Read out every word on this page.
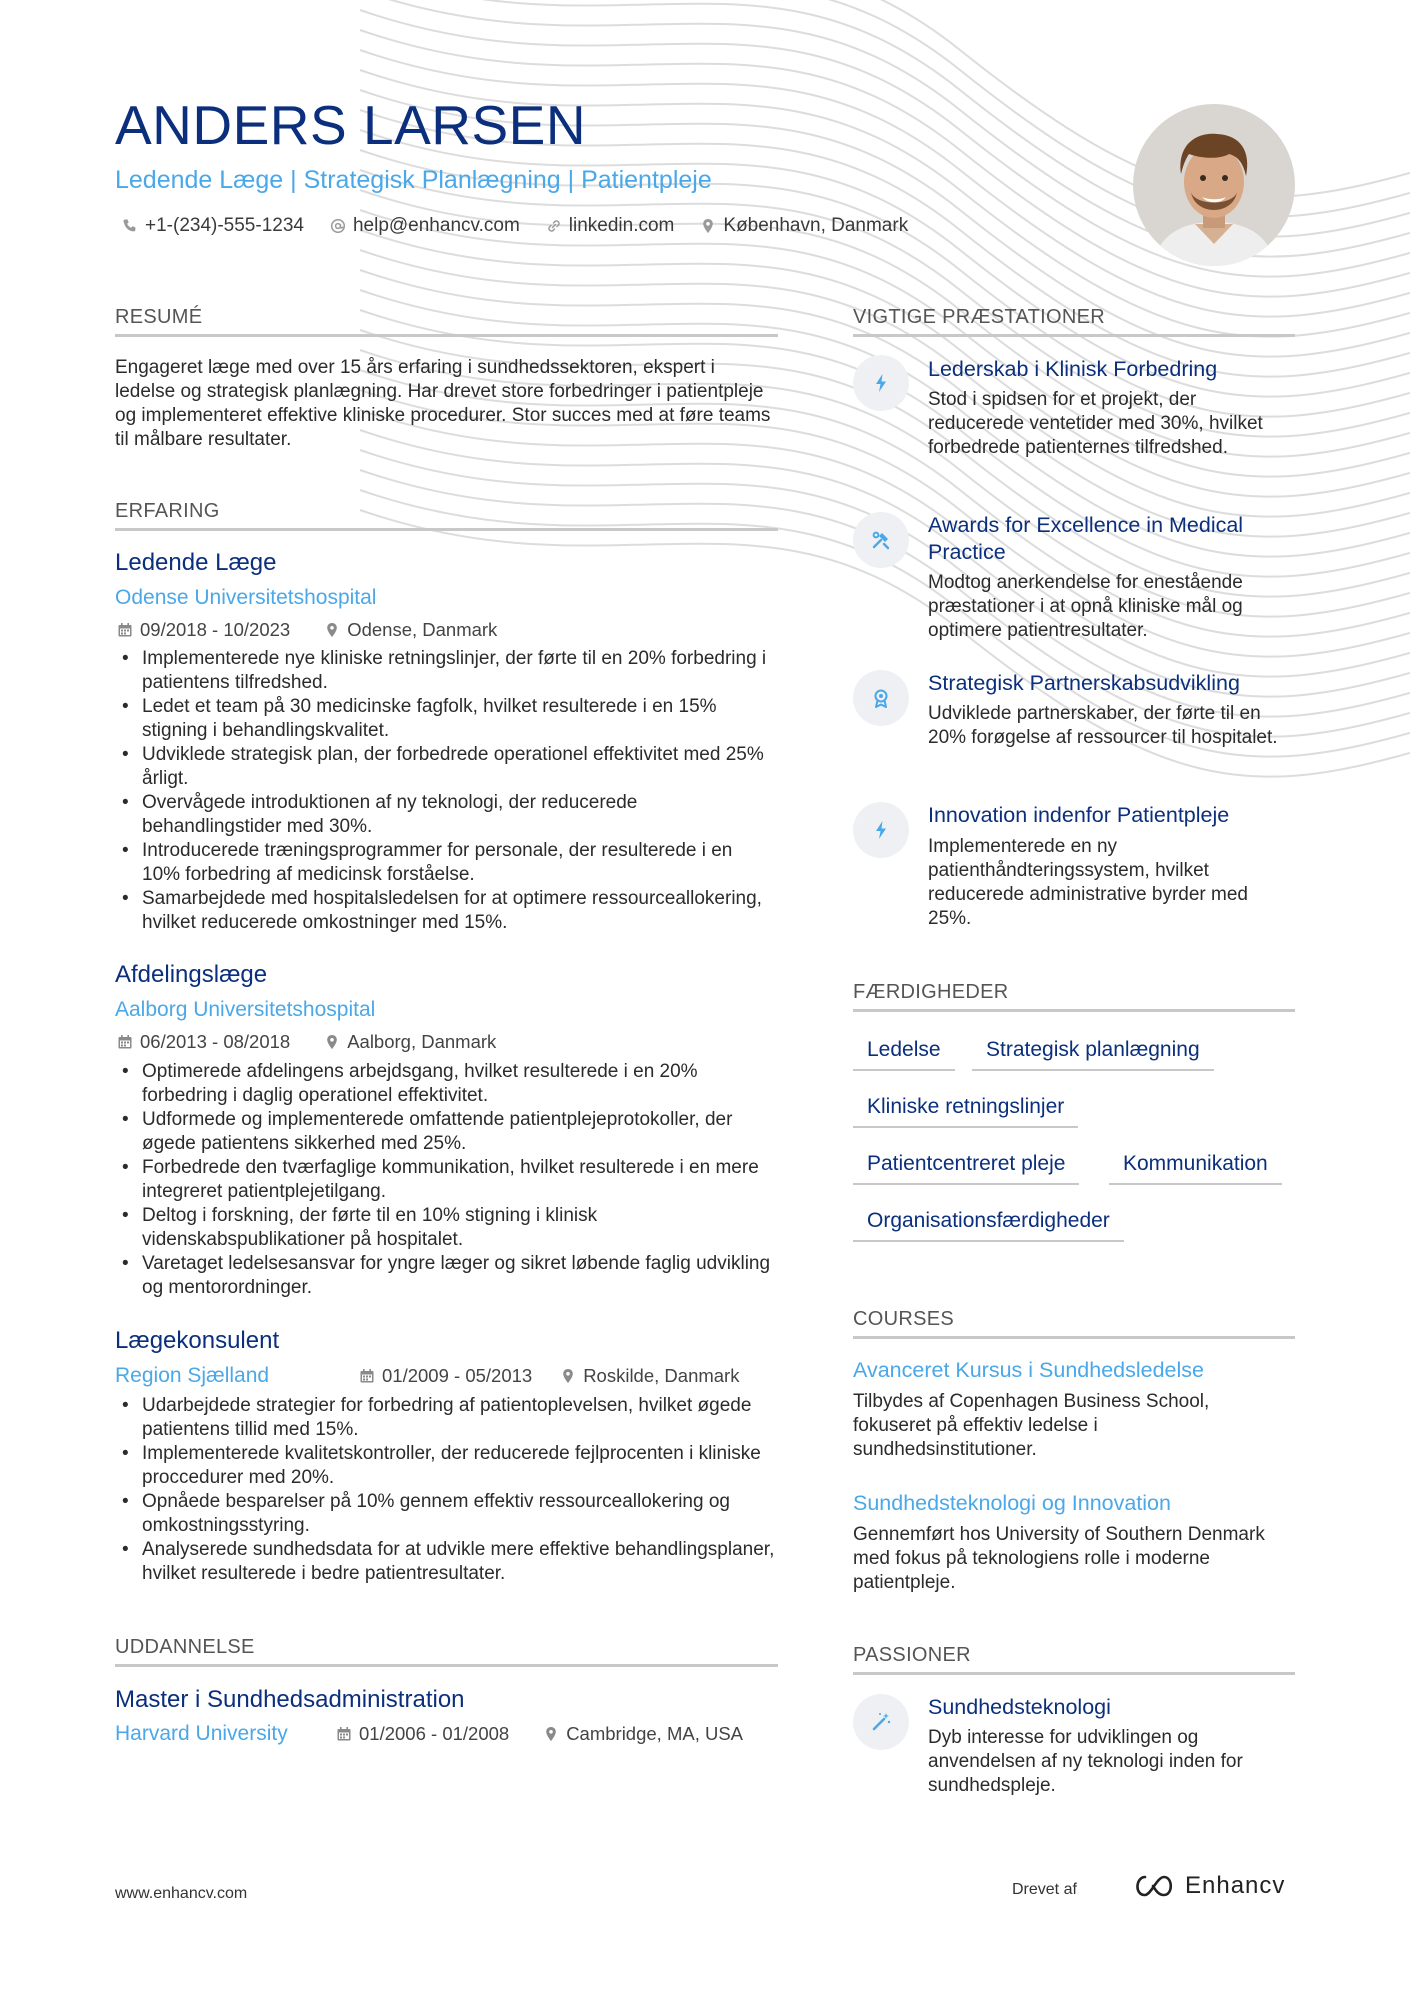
ANDERS LARSEN
Ledende Læge | Strategisk Planlægning | Patientpleje
+1-(234)-555-1234	help@enhancv.com	linkedin.com	København, Danmark
RESUMÉ
Engageret læge med over 15 års erfaring i sundhedssektoren, ekspert i ledelse og strategisk planlægning. Har drevet store forbedringer i patientpleje og implementeret effektive kliniske procedurer. Stor succes med at føre teams til målbare resultater.
ERFARING
Ledende Læge
Odense Universitetshospital
09/2018 - 10/2023	Odense, Danmark
• Implementerede nye kliniske retningslinjer, der førte til en 20% forbedring i patientens tilfredshed.
• Ledet et team på 30 medicinske fagfolk, hvilket resulterede i en 15% stigning i behandlingskvalitet.
• Udviklede strategisk plan, der forbedrede operationel effektivitet med 25% årligt.
• Overvågede introduktionen af ny teknologi, der reducerede behandlingstider med 30%.
• Introducerede træningsprogrammer for personale, der resulterede i en 10% forbedring af medicinsk forståelse.
• Samarbejdede med hospitalsledelsen for at optimere ressourceallokering, hvilket reducerede omkostninger med 15%.
Afdelingslæge
Aalborg Universitetshospital
06/2013 - 08/2018	Aalborg, Danmark
• Optimerede afdelingens arbejdsgang, hvilket resulterede i en 20% forbedring i daglig operationel effektivitet.
• Udformede og implementerede omfattende patientplejeprotokoller, der øgede patientens sikkerhed med 25%.
• Forbedrede den tværfaglige kommunikation, hvilket resulterede i en mere integreret patientplejetilgang.
• Deltog i forskning, der førte til en 10% stigning i klinisk videnskabspublikationer på hospitalet.
• Varetaget ledelsesansvar for yngre læger og sikret løbende faglig udvikling og mentorordninger.
Lægekonsulent
Region Sjælland	01/2009 - 05/2013	Roskilde, Danmark
• Udarbejdede strategier for forbedring af patientoplevelsen, hvilket øgede patientens tillid med 15%.
• Implementerede kvalitetskontroller, der reducerede fejlprocenten i kliniske proccedurer med 20%.
• Opnåede besparelser på 10% gennem effektiv ressourceallokering og omkostningsstyring.
• Analyserede sundhedsdata for at udvikle mere effektive behandlingsplaner, hvilket resulterede i bedre patientresultater.
UDDANNELSE
Master i Sundhedsadministration
Harvard University	01/2006 - 01/2008	Cambridge, MA, USA
VIGTIGE PRÆSTATIONER
Lederskab i Klinisk Forbedring
Stod i spidsen for et projekt, der reducerede ventetider med 30%, hvilket forbedrede patienternes tilfredshed.
Awards for Excellence in Medical Practice
Modtog anerkendelse for enestående præstationer i at opnå kliniske mål og optimere patientresultater.
Strategisk Partnerskabsudvikling
Udviklede partnerskaber, der førte til en 20% forøgelse af ressourcer til hospitalet.
Innovation indenfor Patientpleje
Implementerede en ny patienthåndteringssystem, hvilket reducerede administrative byrder med 25%.
FÆRDIGHEDER
Ledelse	Strategisk planlægning
Kliniske retningslinjer
Patientcentreret pleje	Kommunikation
Organisationsfærdigheder
COURSES
Avanceret Kursus i Sundhedsledelse
Tilbydes af Copenhagen Business School, fokuseret på effektiv ledelse i sundhedsinstitutioner.
Sundhedsteknologi og Innovation
Gennemført hos University of Southern Denmark med fokus på teknologiens rolle i moderne patientpleje.
PASSIONER
Sundhedsteknologi
Dyb interesse for udviklingen og anvendelsen af ny teknologi inden for sundhedspleje.
www.enhancv.com	Drevet af	Enhancv
